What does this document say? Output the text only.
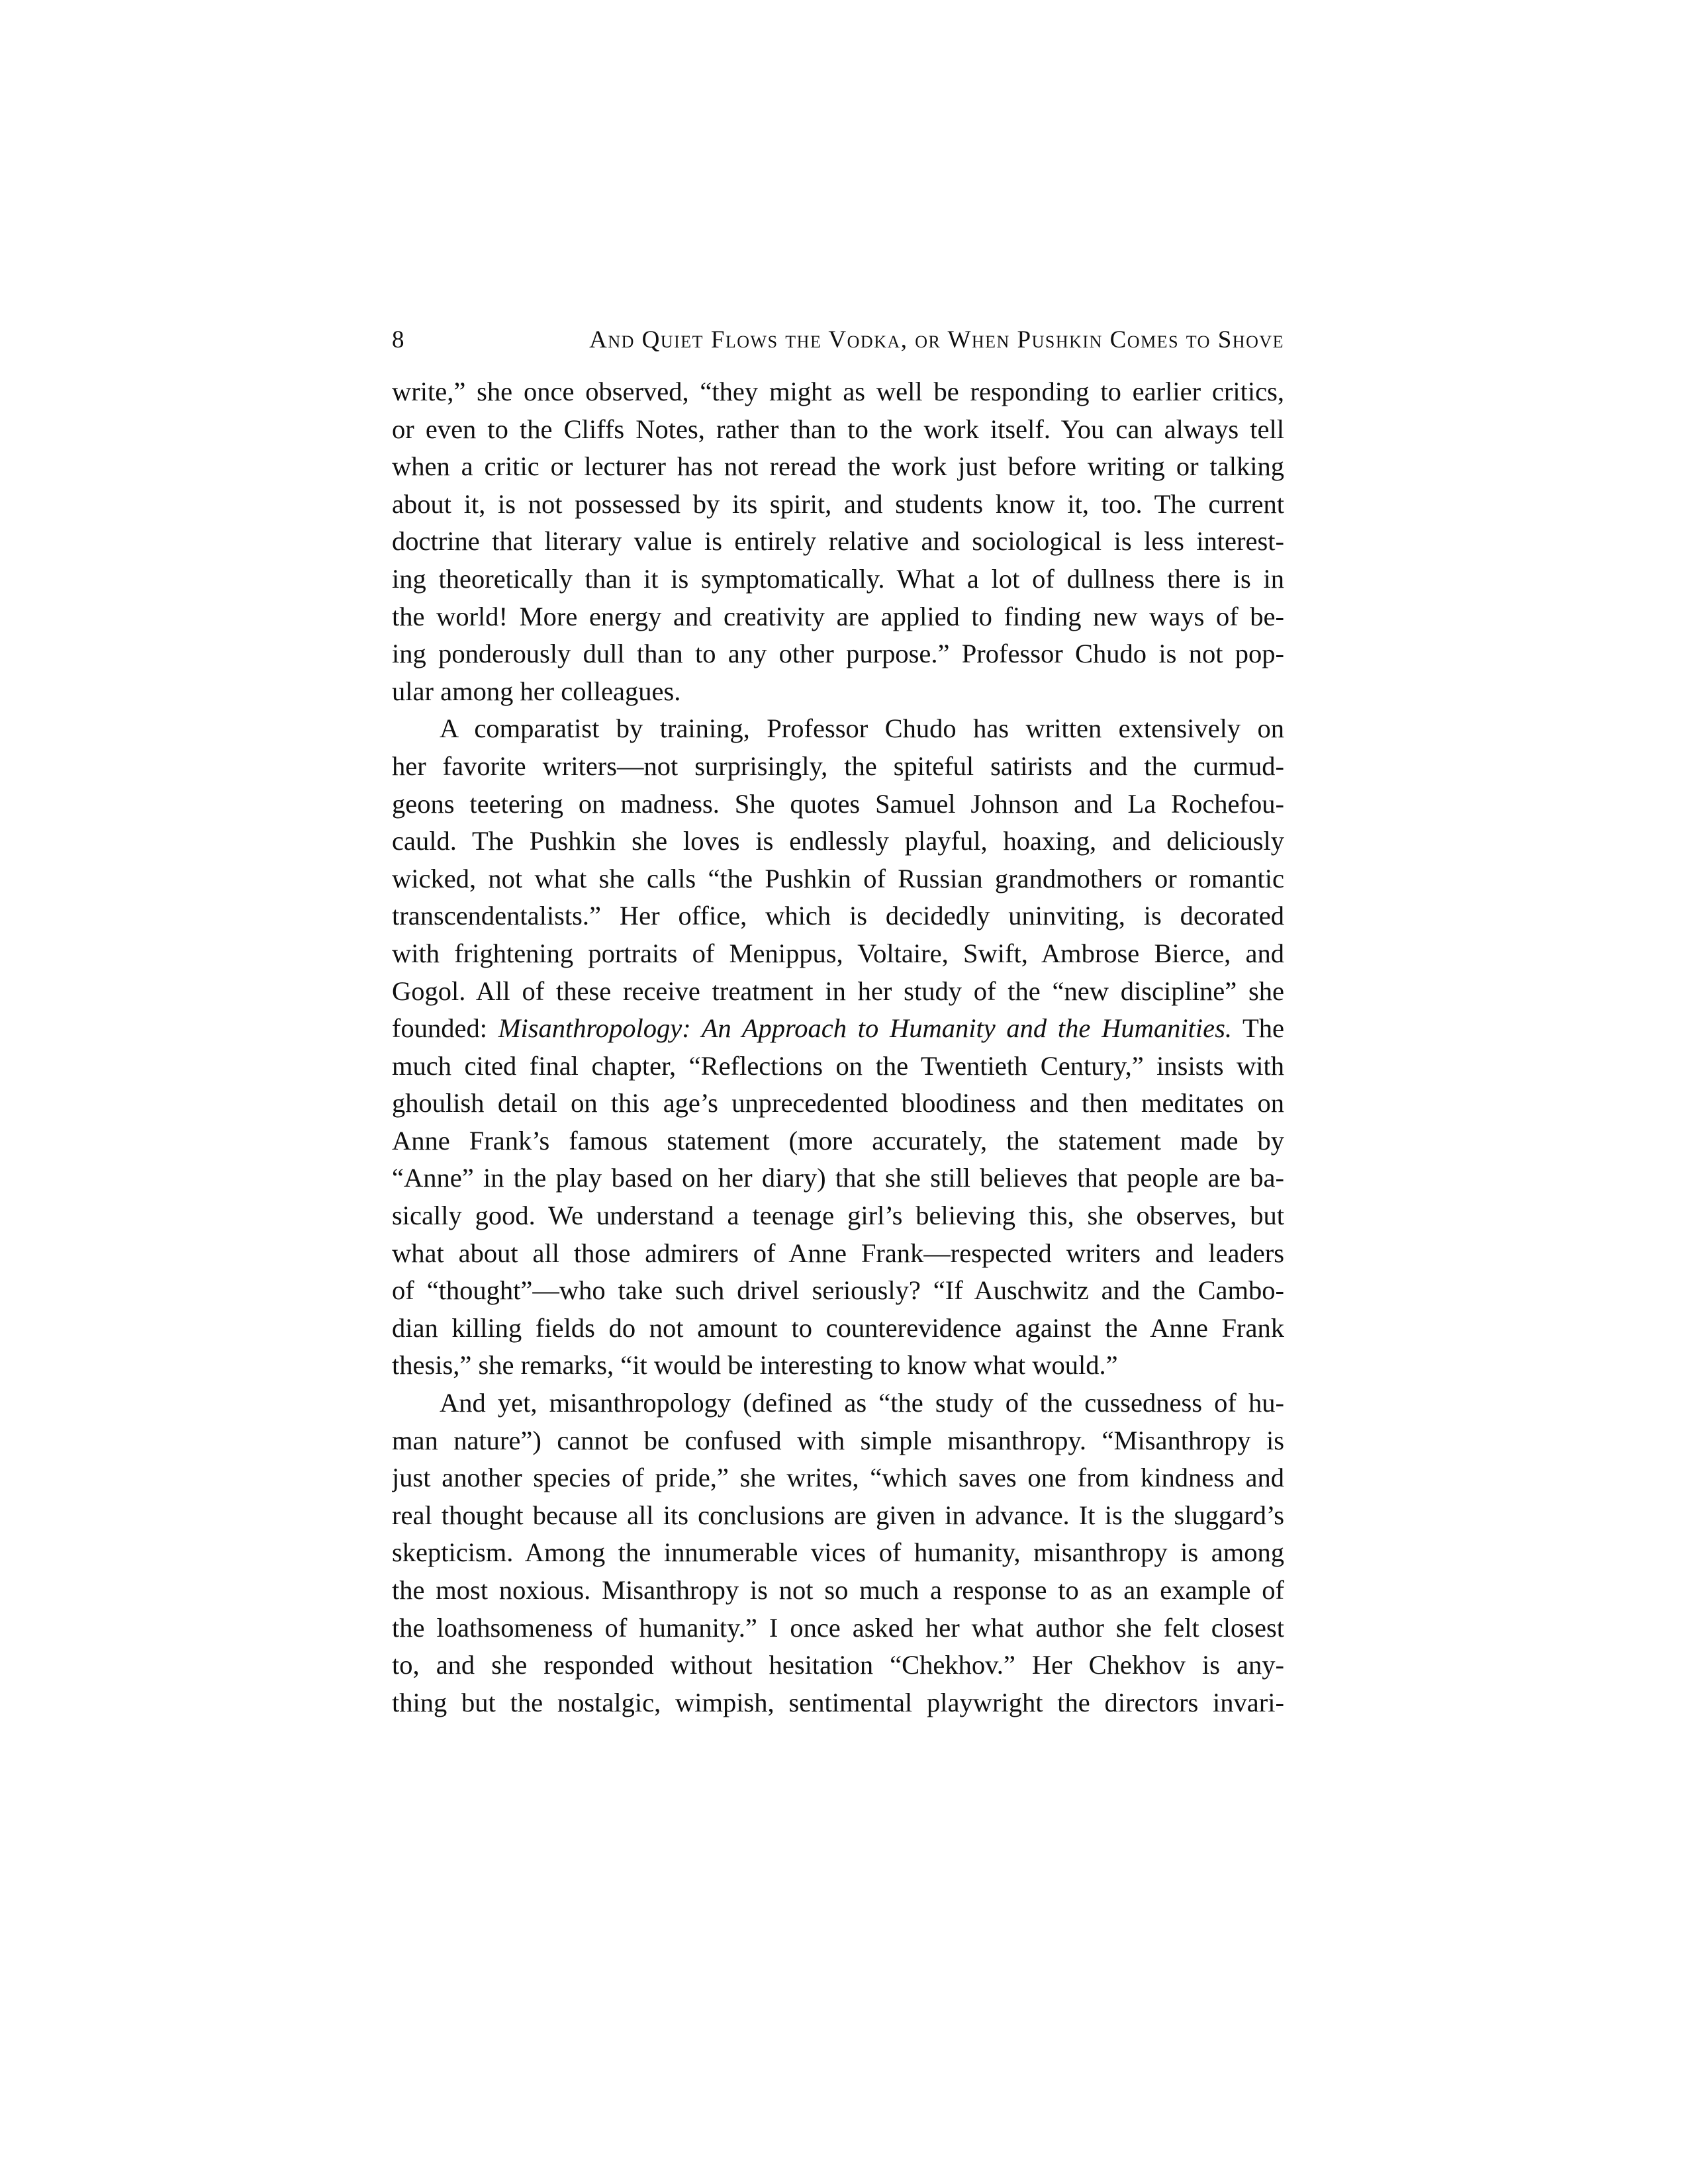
8	And Quiet Flows the Vodka, or When Pushkin Comes to Shove
write,” she once observed, “they might as well be responding to earlier critics,
or even to the Cliffs Notes, rather than to the work itself. You can always tell
when a critic or lecturer has not reread the work just before writing or talking
about it, is not possessed by its spirit, and students know it, too. The current
doctrine that literary value is entirely relative and sociological is less interest-
ing theoretically than it is symptomatically. What a lot of dullness there is in
the world! More energy and creativity are applied to finding new ways of be-
ing ponderously dull than to any other purpose.” Professor Chudo is not pop-
ular among her colleagues.
A comparatist by training, Professor Chudo has written extensively on
her favorite writers—not surprisingly, the spiteful satirists and the curmud-
geons teetering on madness. She quotes Samuel Johnson and La Rochefou-
cauld. The Pushkin she loves is endlessly playful, hoaxing, and deliciously
wicked, not what she calls “the Pushkin of Russian grandmothers or romantic
transcendentalists.” Her office, which is decidedly uninviting, is decorated
with frightening portraits of Menippus, Voltaire, Swift, Ambrose Bierce, and
Gogol. All of these receive treatment in her study of the “new discipline” she
founded: Misanthropology: An Approach to Humanity and the Humanities. The
much cited final chapter, “Reflections on the Twentieth Century,” insists with
ghoulish detail on this age’s unprecedented bloodiness and then meditates on
Anne Frank’s famous statement (more accurately, the statement made by
“Anne” in the play based on her diary) that she still believes that people are ba-
sically good. We understand a teenage girl’s believing this, she observes, but
what about all those admirers of Anne Frank—respected writers and leaders
of “thought”—who take such drivel seriously? “If Auschwitz and the Cambo-
dian killing fields do not amount to counterevidence against the Anne Frank
thesis,” she remarks, “it would be interesting to know what would.”
And yet, misanthropology (defined as “the study of the cussedness of hu-
man nature”) cannot be confused with simple misanthropy. “Misanthropy is
just another species of pride,” she writes, “which saves one from kindness and
real thought because all its conclusions are given in advance. It is the sluggard’s
skepticism. Among the innumerable vices of humanity, misanthropy is among
the most noxious. Misanthropy is not so much a response to as an example of
the loathsomeness of humanity.” I once asked her what author she felt closest
to, and she responded without hesitation “Chekhov.” Her Chekhov is any-
thing but the nostalgic, wimpish, sentimental playwright the directors invari-
